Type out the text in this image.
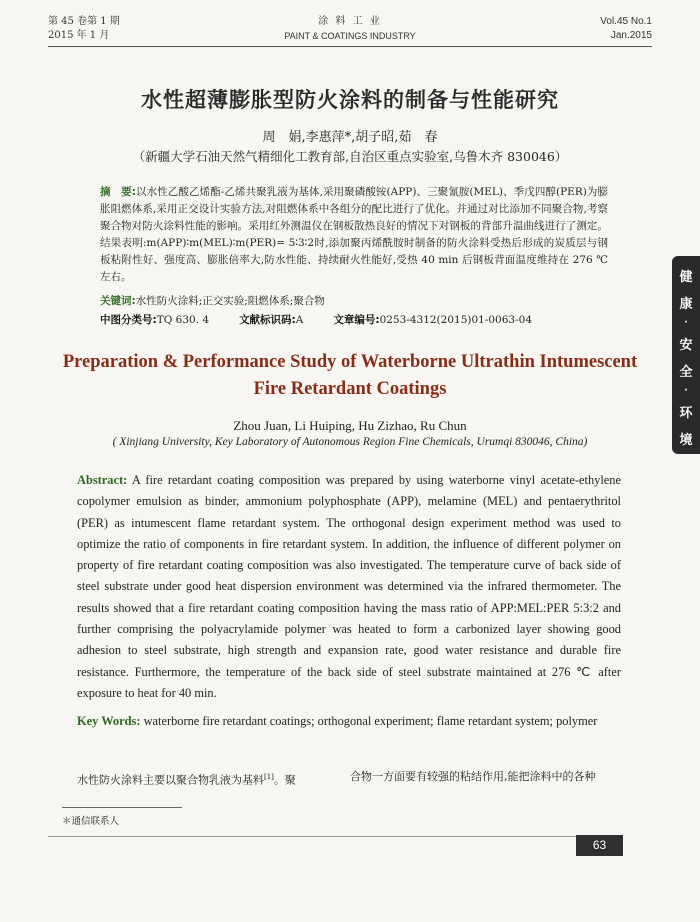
第 45 卷第 1 期
2015 年 1 月
涂 料 工 业
PAINT & COATINGS INDUSTRY
Vol.45 No.1
Jan.2015
水性超薄膨胀型防火涂料的制备与性能研究
周　娟,李惠萍*,胡子昭,茹　春
（新疆大学石油天然气精细化工教育部,自治区重点实验室,乌鲁木齐 830046）
摘　要:以水性乙酸乙烯酯-乙烯共聚乳液为基体,采用聚磷酸铵(APP)、三聚氰胺(MEL)、季戊四醇(PER)为膨胀阻燃体系,采用正交设计实验方法,对阻燃体系中各组分的配比进行了优化。并通过对比添加不同聚合物,考察聚合物对防火涂料性能的影响。采用红外测温仪在钢板散热良好的情况下对钢板的背部升温曲线进行了测定。结果表明:m(APP)∶m(MEL)∶m(PER)= 5∶3∶2时,添加聚丙烯酰胺时制备的防火涂料受热后形成的炭质层与钢板粘附性好、强度高、膨胀倍率大,防水性能、持续耐火性能好,受热 40 min 后钢板背面温度维持在 276 ℃左右。
关键词:水性防火涂料;正交实验;阻燃体系;聚合物
中图分类号:TQ 630. 4	文献标识码:A	文章编号:0253-4312(2015)01-0063-04
Preparation & Performance Study of Waterborne Ultrathin Intumescent Fire Retardant Coatings
Zhou Juan, Li Huiping, Hu Zizhao, Ru Chun
( Xinjiang University, Key Laboratory of Autonomous Region Fine Chemicals, Urumqi 830046, China)
Abstract: A fire retardant coating composition was prepared by using waterborne vinyl acetate-ethylene copolymer emulsion as binder, ammonium polyphosphate (APP), melamine (MEL) and pentaerythritol (PER) as intumescent flame retardant system. The orthogonal design experiment method was used to optimize the ratio of components in fire retardant system. In addition, the influence of different polymer on property of fire retardant coating composition was also investigated. The temperature curve of back side of steel substrate under good heat dispersion environment was determined via the infrared thermometer. The results showed that a fire retardant coating composition having the mass ratio of APP:MEL:PER 5:3:2 and further comprising the polyacrylamide polymer was heated to form a carbonized layer showing good adhesion to steel substrate, high strength and expansion rate, good water resistance and durable fire resistance. Furthermore, the temperature of the back side of steel substrate maintained at 276 ℃ after exposure to heat for 40 min.
Key Words: waterborne fire retardant coatings; orthogonal experiment; flame retardant system; polymer
水性防火涂料主要以聚合物乳液为基料[1]。聚	合物一方面要有较强的粘结作用,能把涂料中的各种
＊通信联系人
63
健
康
·
安
全
·
环
境
